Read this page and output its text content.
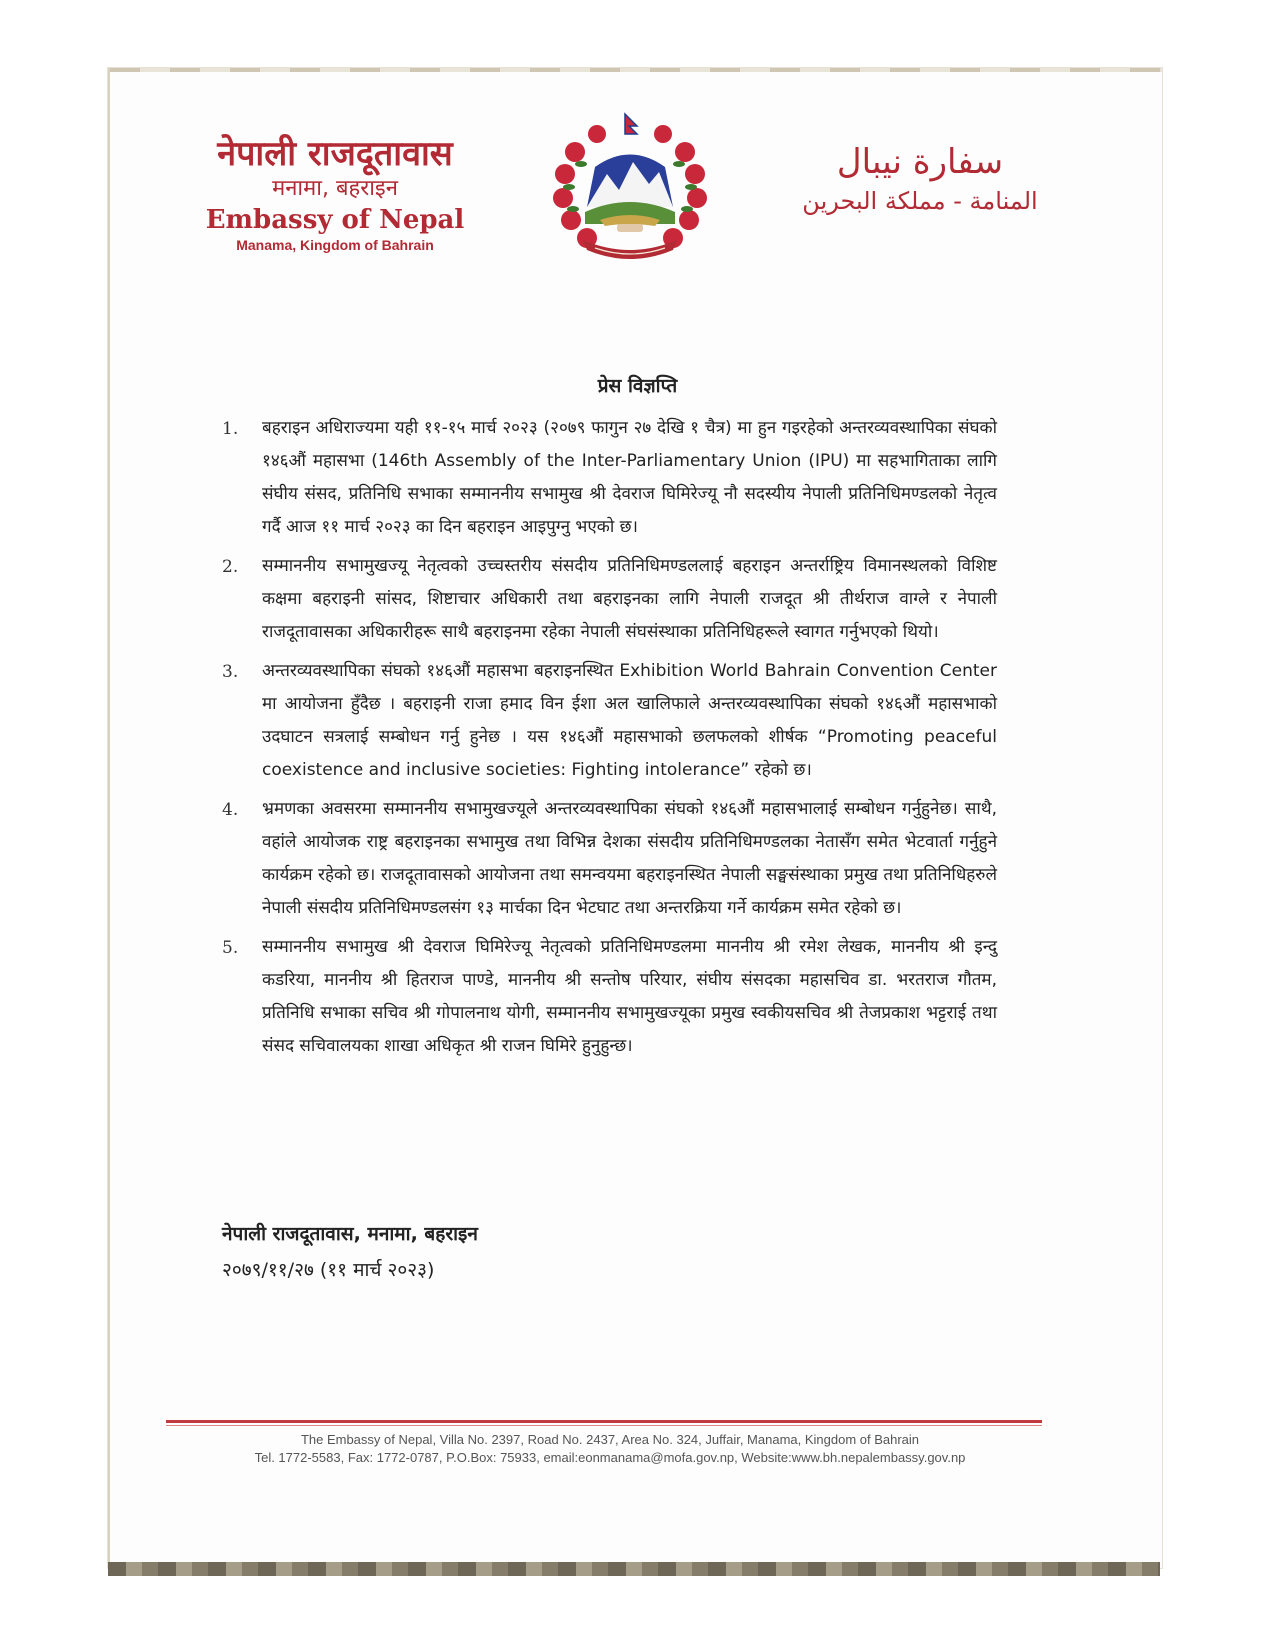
नेपाली राजदूतावास
मनामा, बहराइन
Embassy of Nepal
Manama, Kingdom of Bahrain
سفارة نيبال
المنامة - مملكة البحرين
प्रेस विज्ञप्ति
1.	बहराइन अधिराज्यमा यही ११-१५ मार्च २०२३ (२०७९ फागुन २७ देखि १ चैत्र) मा हुन गइरहेको अन्तरव्यवस्थापिका संघको १४६औं महासभा (146th Assembly of the Inter-Parliamentary Union (IPU) मा सहभागिताका लागि संघीय संसद, प्रतिनिधि सभाका सम्माननीय सभामुख श्री देवराज घिमिरेज्यू नौ सदस्यीय नेपाली प्रतिनिधिमण्डलको नेतृत्व गर्दै आज ११ मार्च २०२३ का दिन बहराइन आइपुग्नु भएको छ।

2.	सम्माननीय सभामुखज्यू नेतृत्वको उच्चस्तरीय संसदीय प्रतिनिधिमण्डललाई बहराइन अन्तर्राष्ट्रिय विमानस्थलको विशिष्ट कक्षमा बहराइनी सांसद, शिष्टाचार अधिकारी तथा बहराइनका लागि नेपाली राजदूत श्री तीर्थराज वाग्ले र नेपाली राजदूतावासका अधिकारीहरू साथै बहराइनमा रहेका नेपाली संघसंस्थाका प्रतिनिधिहरूले स्वागत गर्नुभएको थियो।

3.	अन्तरव्यवस्थापिका संघको १४६औं महासभा बहराइनस्थित Exhibition World Bahrain Convention Center मा आयोजना हुँदैछ । बहराइनी राजा हमाद विन ईशा अल खालिफाले अन्तरव्यवस्थापिका संघको १४६औं महासभाको उदघाटन सत्रलाई सम्बोधन गर्नु हुनेछ । यस १४६औं महासभाको छलफलको शीर्षक “Promoting peaceful coexistence and inclusive societies: Fighting intolerance” रहेको छ।

4.	भ्रमणका अवसरमा सम्माननीय सभामुखज्यूले अन्तरव्यवस्थापिका संघको १४६औं महासभालाई सम्बोधन गर्नुहुनेछ। साथै, वहांले आयोजक राष्ट्र बहराइनका सभामुख तथा विभिन्न देशका संसदीय प्रतिनिधिमण्डलका नेतासँग समेत भेटवार्ता गर्नुहुने कार्यक्रम रहेको छ। राजदूतावासको आयोजना तथा समन्वयमा बहराइनस्थित नेपाली सङ्घसंस्थाका प्रमुख तथा प्रतिनिधिहरुले नेपाली संसदीय प्रतिनिधिमण्डलसंग १३ मार्चका दिन भेटघाट तथा अन्तरक्रिया गर्ने कार्यक्रम समेत रहेको छ।

5.	सम्माननीय सभामुख श्री देवराज घिमिरेज्यू नेतृत्वको प्रतिनिधिमण्डलमा माननीय श्री रमेश लेखक, माननीय श्री इन्दु कडरिया, माननीय श्री हितराज पाण्डे, माननीय श्री सन्तोष परियार, संघीय संसदका महासचिव डा. भरतराज गौतम, प्रतिनिधि सभाका सचिव श्री गोपालनाथ योगी, सम्माननीय सभामुखज्यूका प्रमुख स्वकीयसचिव श्री तेजप्रकाश भट्टराई तथा संसद सचिवालयका शाखा अधिकृत श्री राजन घिमिरे हुनुहुन्छ।

नेपाली राजदूतावास, मनामा, बहराइन
२०७९/११/२७ (११ मार्च २०२३)
The Embassy of Nepal, Villa No. 2397, Road No. 2437, Area No. 324, Juffair, Manama, Kingdom of Bahrain
Tel. 1772-5583, Fax: 1772-0787, P.O.Box: 75933, email:eonmanama@mofa.gov.np, Website:www.bh.nepalembassy.gov.np
